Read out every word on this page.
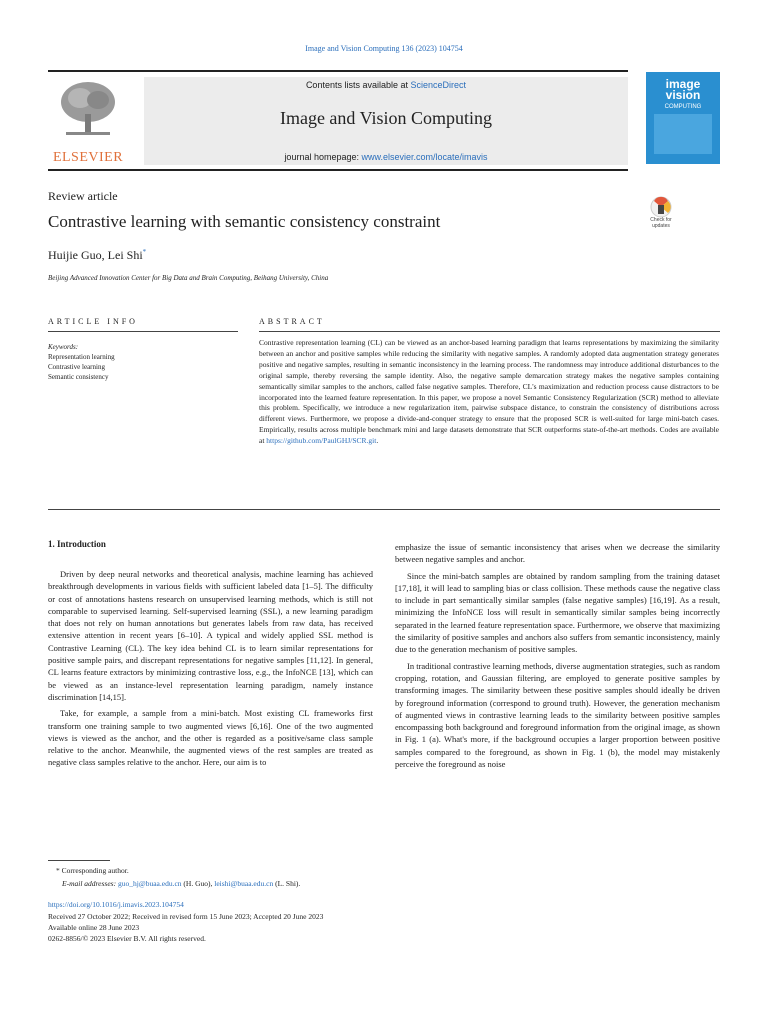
Image and Vision Computing 136 (2023) 104754
ELSEVIER
Contents lists available at ScienceDirect
Image and Vision Computing
journal homepage: www.elsevier.com/locate/imavis
image
vision
COMPUTING
Review article
Contrastive learning with semantic consistency constraint	Check for
updates
Huijie Guo, Lei Shi*
Beijing Advanced Innovation Center for Big Data and Brain Computing, Beihang University, China
ARTICLE INFO	ABSTRACT
Keywords:
Representation learning
Contrastive learning
Semantic consistency
Contrastive representation learning (CL) can be viewed as an anchor-based learning paradigm that learns representations by maximizing the similarity between an anchor and positive samples while reducing the similarity with negative samples. A randomly adopted data augmentation strategy generates positive and negative samples, resulting in semantic inconsistency in the learning process. The randomness may introduce additional disturbances to the original sample, thereby reversing the sample identity. Also, the negative sample demarcation strategy makes the negative samples containing semantically similar samples to the anchors, called false negative samples. Therefore, CL's maximization and reduction process cause distractors to be incorporated into the learned feature representation. In this paper, we propose a novel Semantic Consistency Regularization (SCR) method to alleviate this problem. Specifically, we introduce a new regularization item, pairwise subspace distance, to constrain the consistency of distributions across different views. Furthermore, we propose a divide-and-conquer strategy to ensure that the proposed SCR is well-suited for large mini-batch cases. Empirically, results across multiple benchmark mini and large datasets demonstrate that SCR outperforms state-of-the-art methods. Codes are available at https://github.com/PaulGHJ/SCR.git.
1. Introduction

Driven by deep neural networks and theoretical analysis, machine learning has achieved breakthrough developments in various fields with sufficient labeled data [1–5]. The difficulty or cost of annotations hastens research on unsupervised learning methods, which is still not comparable to supervised learning. Self-supervised learning (SSL), a new learning paradigm that does not rely on human annotations but generates labels from raw data, has received extensive attention in recent years [6–10]. A typical and widely applied SSL method is Contrastive Learning (CL). The key idea behind CL is to learn similar representations for positive sample pairs, and discrepant representations for negative samples [11,12]. In general, CL learns feature extractors by minimizing contrastive loss, e.g., the InfoNCE [13], which can be viewed as an instance-level representation learning paradigm, namely instance discrimination [14,15].

Take, for example, a sample from a mini-batch. Most existing CL frameworks first transform one training sample to two augmented views [6,16]. One of the two augmented views is viewed as the anchor, and the other is regarded as a positive/same class sample relative to the anchor. Meanwhile, the augmented views of the rest samples are treated as negative class samples relative to the anchor. Here, our aim is to

emphasize the issue of semantic inconsistency that arises when we decrease the similarity between negative samples and anchor.

Since the mini-batch samples are obtained by random sampling from the training dataset [17,18], it will lead to sampling bias or class collision. These methods cause the negative class to include in part semantically similar samples (false negative samples) [16,19]. As a result, minimizing the InfoNCE loss will result in semantically similar samples being incorrectly separated in the learned feature representation space. Furthermore, we observe that maximizing the similarity of positive samples and anchors also suffers from semantic inconsistency, mainly due to the generation mechanism of positive samples.

In traditional contrastive learning methods, diverse augmentation strategies, such as random cropping, rotation, and Gaussian filtering, are employed to generate positive samples by transforming images. The similarity between these positive samples should ideally be driven by foreground information (correspond to ground truth). However, the generation mechanism of augmented views in contrastive learning leads to the similarity between positive samples encompassing both background and foreground information from the original image, as shown in Fig. 1 (a). What's more, if the background occupies a larger proportion between positive samples compared to the foreground, as shown in Fig. 1 (b), the model may mistakenly perceive the foreground as noise

* Corresponding author.
E-mail addresses: guo_hj@buaa.edu.cn (H. Guo), leishi@buaa.edu.cn (L. Shi).
https://doi.org/10.1016/j.imavis.2023.104754
Received 27 October 2022; Received in revised form 15 June 2023; Accepted 20 June 2023
Available online 28 June 2023
0262-8856/© 2023 Elsevier B.V. All rights reserved.
